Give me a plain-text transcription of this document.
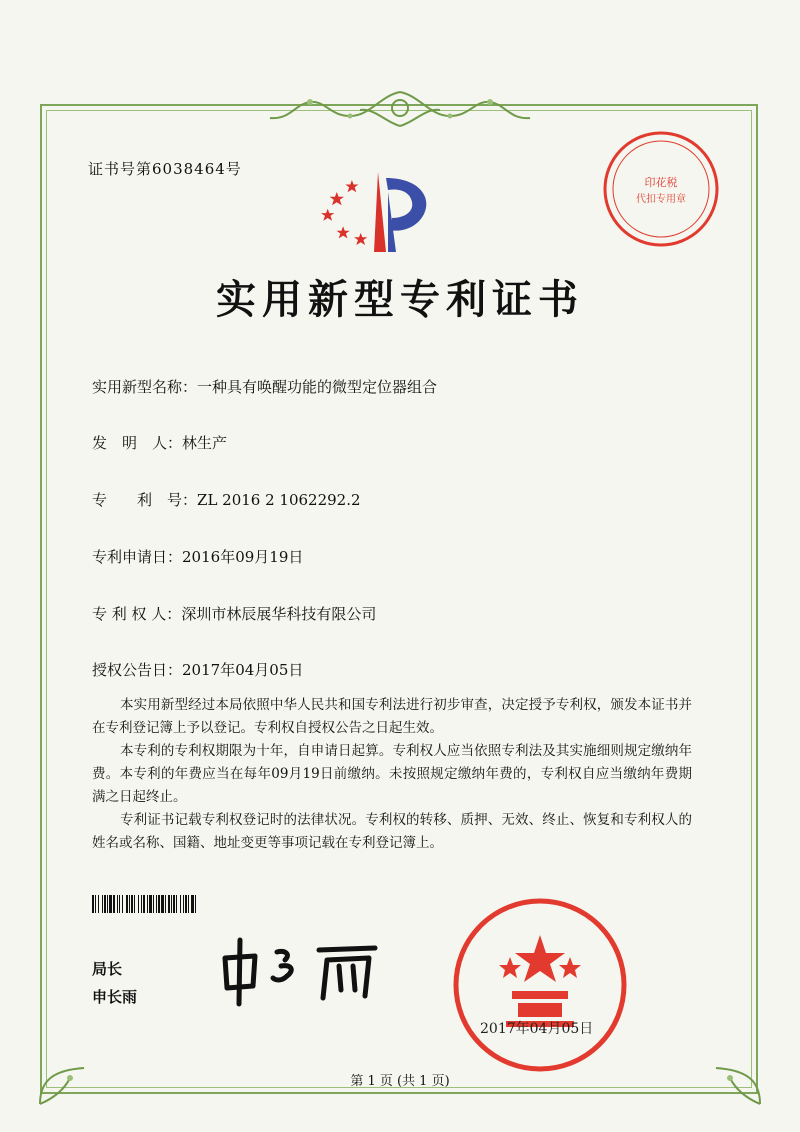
证书号第6038464号
印花税
代扣专用章
实用新型专利证书
实用新型名称：一种具有唤醒功能的微型定位器组合
发　明　人：林生产
专　　利　号：ZL 2016 2 1062292.2
专利申请日：2016年09月19日
专 利 权 人：深圳市林辰展华科技有限公司
授权公告日：2017年04月05日

本实用新型经过本局依照中华人民共和国专利法进行初步审查，决定授予专利权，颁发本证书并在专利登记簿上予以登记。专利权自授权公告之日起生效。

本专利的专利权期限为十年，自申请日起算。专利权人应当依照专利法及其实施细则规定缴纳年费。本专利的年费应当在每年09月19日前缴纳。未按照规定缴纳年费的，专利权自应当缴纳年费期满之日起终止。

专利证书记载专利权登记时的法律状况。专利权的转移、质押、无效、终止、恢复和专利权人的姓名或名称、国籍、地址变更等事项记载在专利登记簿上。

局长
申长雨
2017年04月05日
第 1 页 (共 1 页)
